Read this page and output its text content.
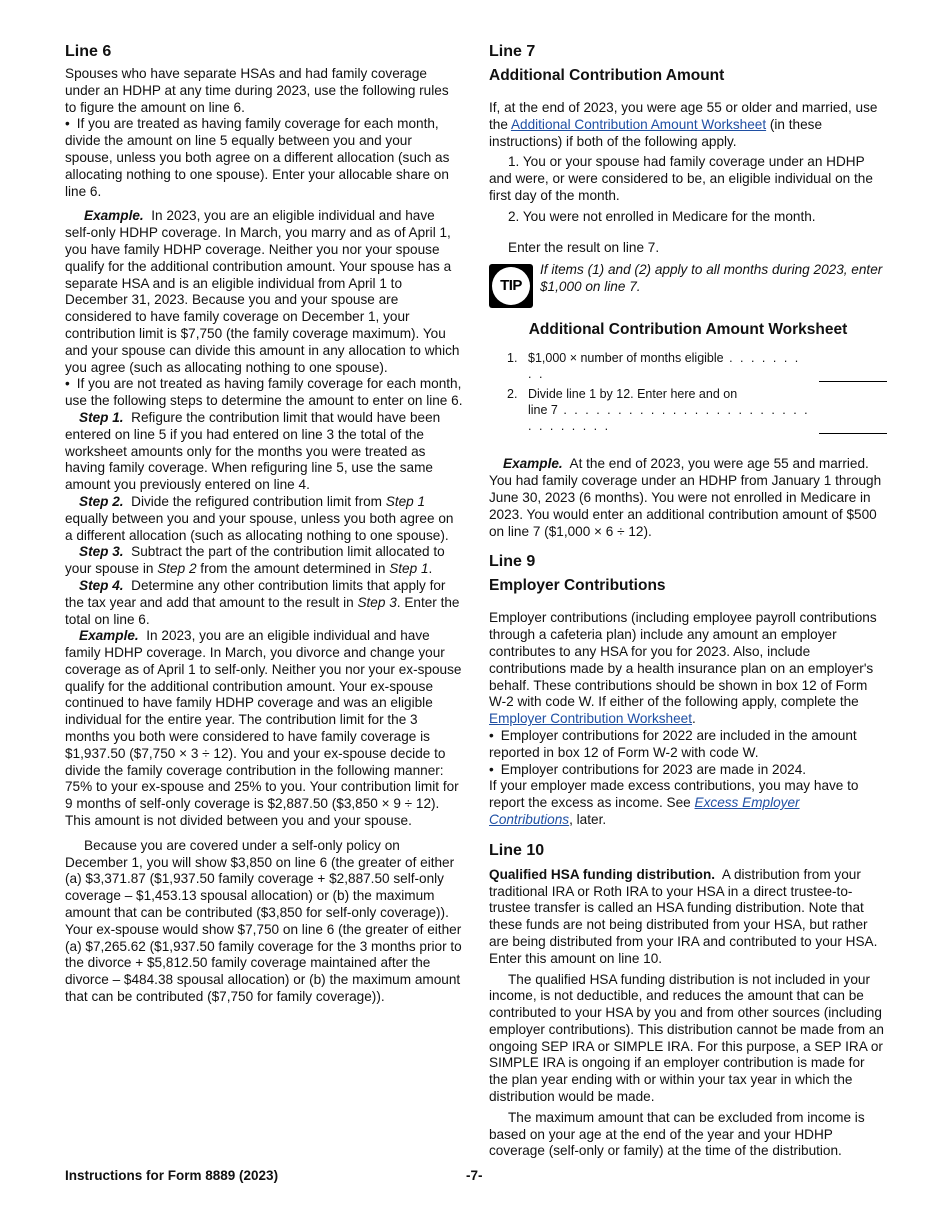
Line 6

Spouses who have separate HSAs and had family coverage under an HDHP at any time during 2023, use the following rules to figure the amount on line 6.

• If you are treated as having family coverage for each month, divide the amount on line 5 equally between you and your spouse, unless you both agree on a different allocation (such as allocating nothing to one spouse). Enter your allocable share on line 6.

Example. In 2023, you are an eligible individual and have self-only HDHP coverage. In March, you marry and as of April 1, you have family HDHP coverage. Neither you nor your spouse qualify for the additional contribution amount. Your spouse has a separate HSA and is an eligible individual from April 1 to December 31, 2023. Because you and your spouse are considered to have family coverage on December 1, your contribution limit is $7,750 (the family coverage maximum). You and your spouse can divide this amount in any allocation to which you agree (such as allocating nothing to one spouse).

• If you are not treated as having family coverage for each month, use the following steps to determine the amount to enter on line 6.

Step 1. Refigure the contribution limit that would have been entered on line 5 if you had entered on line 3 the total of the worksheet amounts only for the months you were treated as having family coverage. When refiguring line 5, use the same amount you previously entered on line 4.

Step 2. Divide the refigured contribution limit from Step 1 equally between you and your spouse, unless you both agree on a different allocation (such as allocating nothing to one spouse).

Step 3. Subtract the part of the contribution limit allocated to your spouse in Step 2 from the amount determined in Step 1.

Step 4. Determine any other contribution limits that apply for the tax year and add that amount to the result in Step 3. Enter the total on line 6.

Example. In 2023, you are an eligible individual and have family HDHP coverage. In March, you divorce and change your coverage as of April 1 to self-only. Neither you nor your ex-spouse qualify for the additional contribution amount. Your ex-spouse continued to have family HDHP coverage and was an eligible individual for the entire year. The contribution limit for the 3 months you both were considered to have family coverage is $1,937.50 ($7,750 × 3 ÷ 12). You and your ex-spouse decide to divide the family coverage contribution in the following manner: 75% to your ex-spouse and 25% to you. Your contribution limit for 9 months of self-only coverage is $2,887.50 ($3,850 × 9 ÷ 12). This amount is not divided between you and your spouse.

Because you are covered under a self-only policy on December 1, you will show $3,850 on line 6 (the greater of either (a) $3,371.87 ($1,937.50 family coverage + $2,887.50 self-only coverage – $1,453.13 spousal allocation) or (b) the maximum amount that can be contributed ($3,850 for self-only coverage)). Your ex-spouse would show $7,750 on line 6 (the greater of either (a) $7,265.62 ($1,937.50 family coverage for the 3 months prior to the divorce + $5,812.50 family coverage maintained after the divorce – $484.38 spousal allocation) or (b) the maximum amount that can be contributed ($7,750 for family coverage)).

Line 7
Additional Contribution Amount

If, at the end of 2023, you were age 55 or older and married, use the Additional Contribution Amount Worksheet (in these instructions) if both of the following apply.

1. You or your spouse had family coverage under an HDHP and were, or were considered to be, an eligible individual on the first day of the month.

2. You were not enrolled in Medicare for the month.

Enter the result on line 7.

TIP
If items (1) and (2) apply to all months during 2023, enter $1,000 on line 7.
Additional Contribution Amount Worksheet
1. $1,000 × number of months eligible . . . . . . . . .
2. Divide line 1 by 12. Enter here and on
line 7 . . . . . . . . . . . . . . . . . . . . . . . . . . . . . . .

Example. At the end of 2023, you were age 55 and married. You had family coverage under an HDHP from January 1 through June 30, 2023 (6 months). You were not enrolled in Medicare in 2023. You would enter an additional contribution amount of $500 on line 7 ($1,000 × 6 ÷ 12).

Line 9
Employer Contributions

Employer contributions (including employee payroll contributions through a cafeteria plan) include any amount an employer contributes to any HSA for you for 2023. Also, include contributions made by a health insurance plan on an employer's behalf. These contributions should be shown in box 12 of Form W-2 with code W. If either of the following apply, complete the Employer Contribution Worksheet.

• Employer contributions for 2022 are included in the amount reported in box 12 of Form W-2 with code W.

• Employer contributions for 2023 are made in 2024.

If your employer made excess contributions, you may have to report the excess as income. See Excess Employer Contributions, later.

Line 10

Qualified HSA funding distribution. A distribution from your traditional IRA or Roth IRA to your HSA in a direct trustee-to-trustee transfer is called an HSA funding distribution. Note that these funds are not being distributed from your HSA, but rather are being distributed from your IRA and contributed to your HSA. Enter this amount on line 10.

The qualified HSA funding distribution is not included in your income, is not deductible, and reduces the amount that can be contributed to your HSA by you and from other sources (including employer contributions). This distribution cannot be made from an ongoing SEP IRA or SIMPLE IRA. For this purpose, a SEP IRA or SIMPLE IRA is ongoing if an employer contribution is made for the plan year ending with or within your tax year in which the distribution would be made.

The maximum amount that can be excluded from income is based on your age at the end of the year and your HDHP coverage (self-only or family) at the time of the distribution.

Instructions for Form 8889 (2023)	-7-
